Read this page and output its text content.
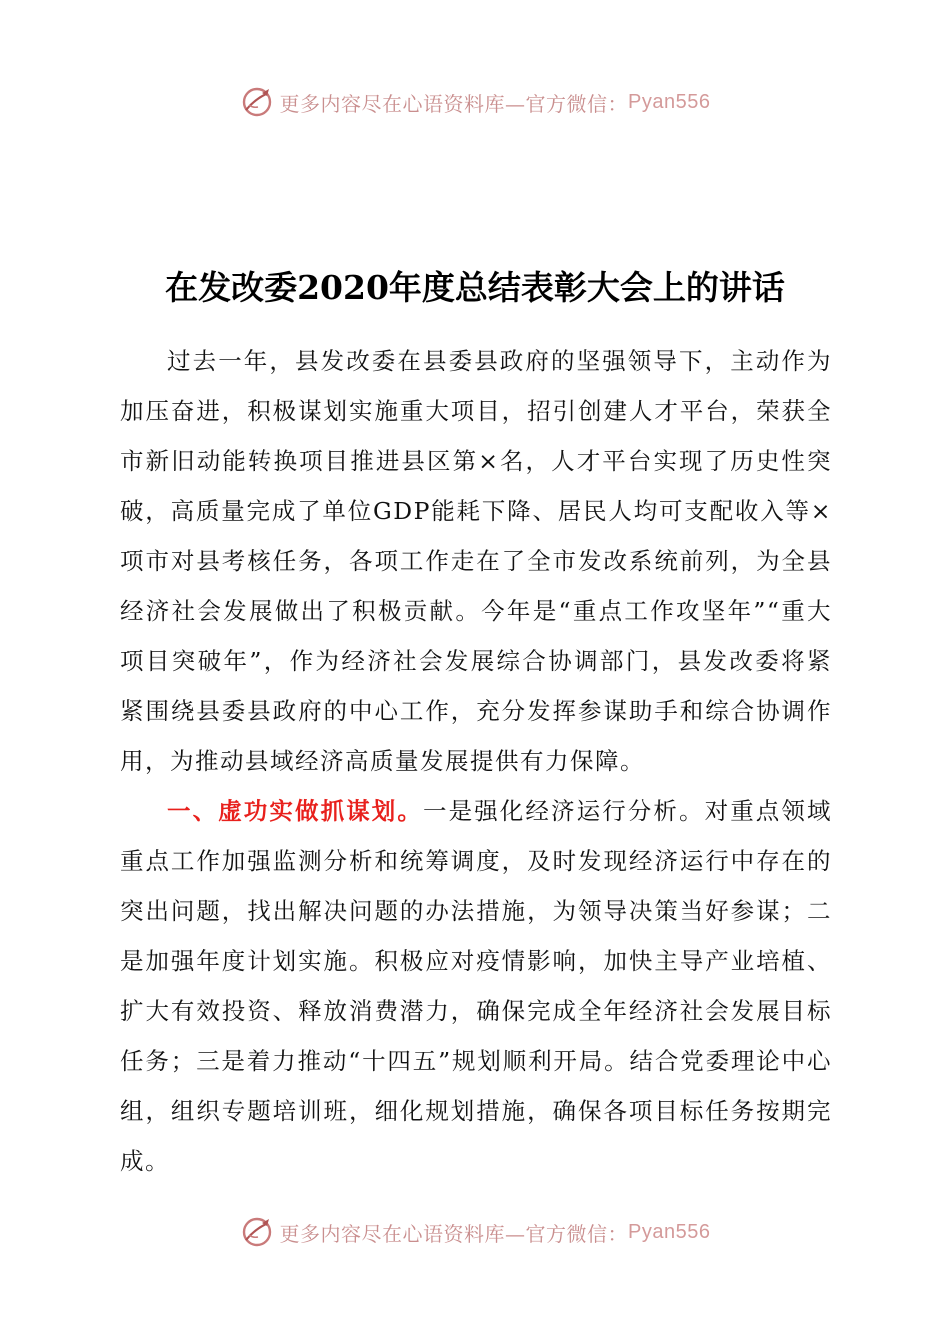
更多内容尽在心语资料库—官方微信： Pyan556
在发改委2020年度总结表彰大会上的讲话

过去一年，县发改委在县委县政府的坚强领导下，主动作为加压奋进，积极谋划实施重大项目，招引创建人才平台，荣获全市新旧动能转换项目推进县区第×名，人才平台实现了历史性突破，高质量完成了单位GDP能耗下降、居民人均可支配收入等×项市对县考核任务，各项工作走在了全市发改系统前列，为全县经济社会发展做出了积极贡献。今年是“重点工作攻坚年”“重大项目突破年”，作为经济社会发展综合协调部门，县发改委将紧紧围绕县委县政府的中心工作，充分发挥参谋助手和综合协调作用，为推动县域经济高质量发展提供有力保障。

一、虚功实做抓谋划。一是强化经济运行分析。对重点领域重点工作加强监测分析和统筹调度，及时发现经济运行中存在的突出问题，找出解决问题的办法措施，为领导决策当好参谋；二是加强年度计划实施。积极应对疫情影响，加快主导产业培植、扩大有效投资、释放消费潜力，确保完成全年经济社会发展目标任务；三是着力推动“十四五”规划顺利开局。结合党委理论中心组，组织专题培训班，细化规划措施，确保各项目标任务按期完成。

更多内容尽在心语资料库—官方微信： Pyan556
